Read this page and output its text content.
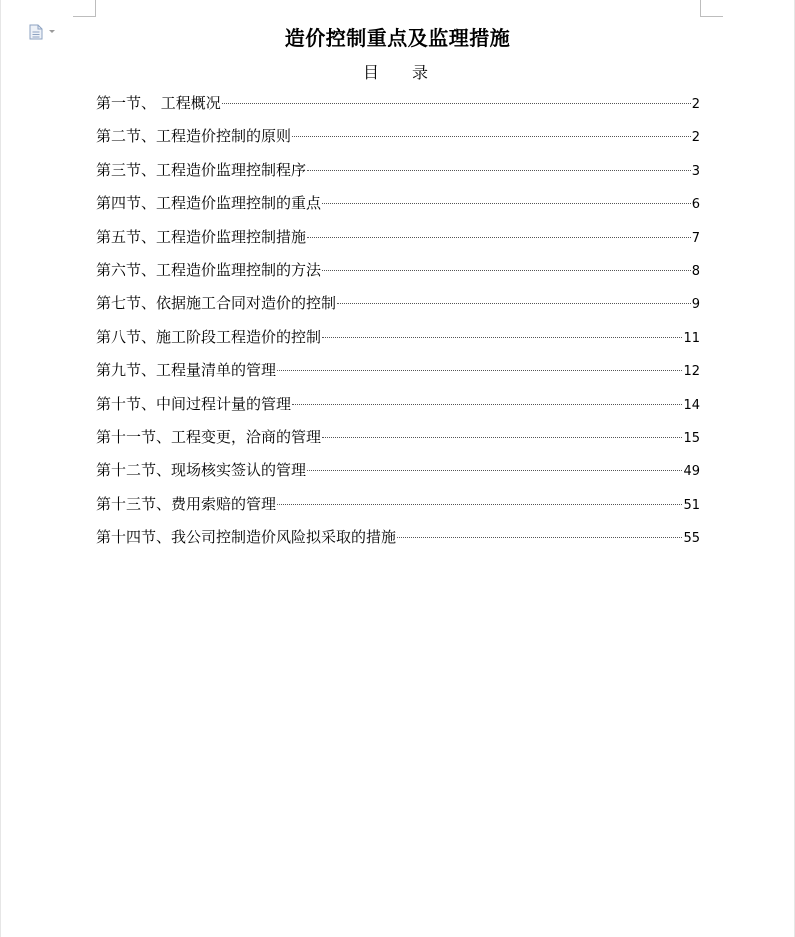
造价控制重点及监理措施
目 录
第一节、 工程概况	2
第二节、工程造价控制的原则	2
第三节、工程造价监理控制程序	3
第四节、工程造价监理控制的重点	6
第五节、工程造价监理控制措施	7
第六节、工程造价监理控制的方法	8
第七节、依据施工合同对造价的控制	9
第八节、施工阶段工程造价的控制	11
第九节、工程量清单的管理	12
第十节、中间过程计量的管理	14
第十一节、工程变更，洽商的管理	15
第十二节、现场核实签认的管理	49
第十三节、费用索赔的管理	51
第十四节、我公司控制造价风险拟采取的措施	55
